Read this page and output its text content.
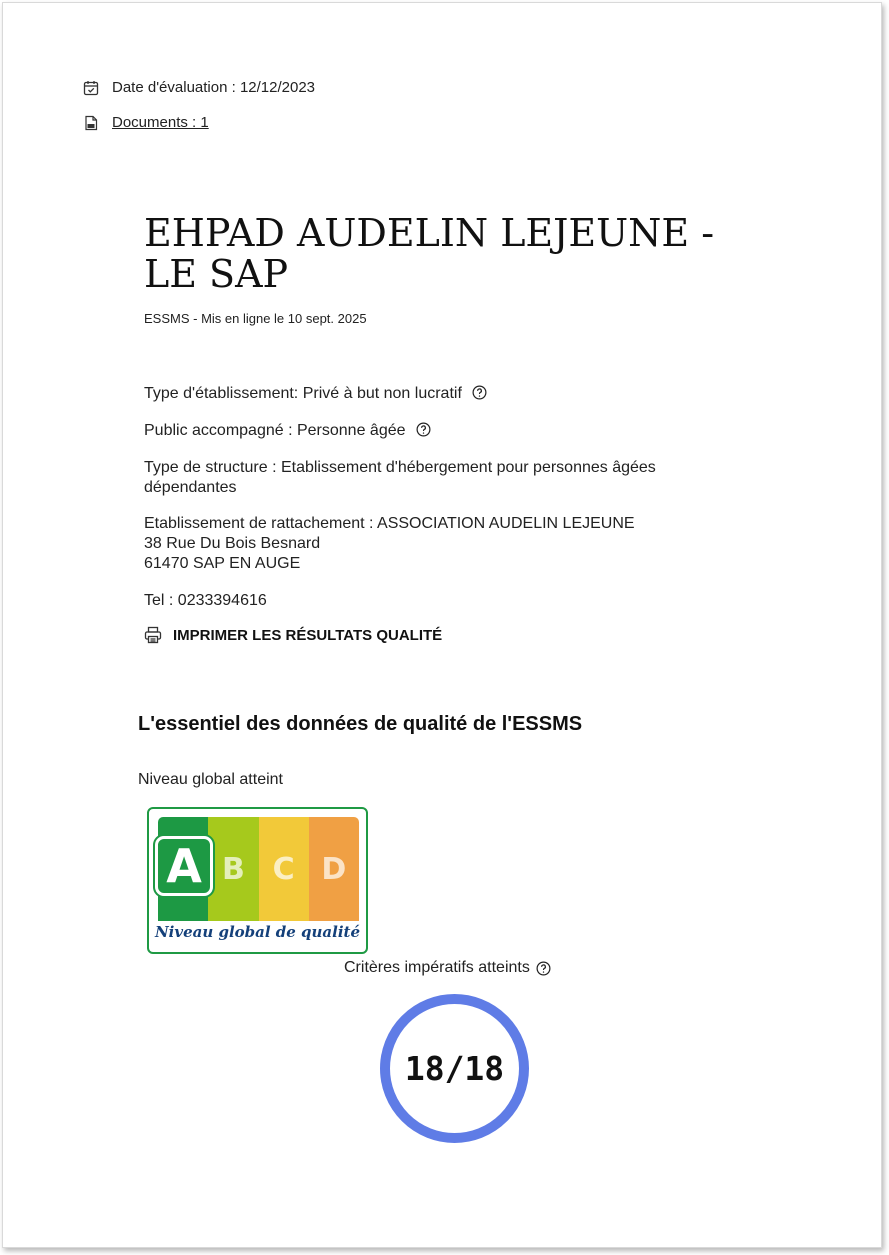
Date d'évaluation : 12/12/2023
Documents : 1
EHPAD AUDELIN LEJEUNE - LE SAP
ESSMS - Mis en ligne le 10 sept. 2025
Type d'établissement: Privé à but non lucratif
Public accompagné : Personne âgée
Type de structure : Etablissement d'hébergement pour personnes âgées dépendantes
Etablissement de rattachement : ASSOCIATION AUDELIN LEJEUNE
38 Rue Du Bois Besnard
61470 SAP EN AUGE
Tel : 0233394616
IMPRIMER LES RÉSULTATS QUALITÉ
L'essentiel des données de qualité de l'ESSMS
Niveau global atteint
B C D
A
Niveau global de qualité
Critères impératifs atteints
18/18
